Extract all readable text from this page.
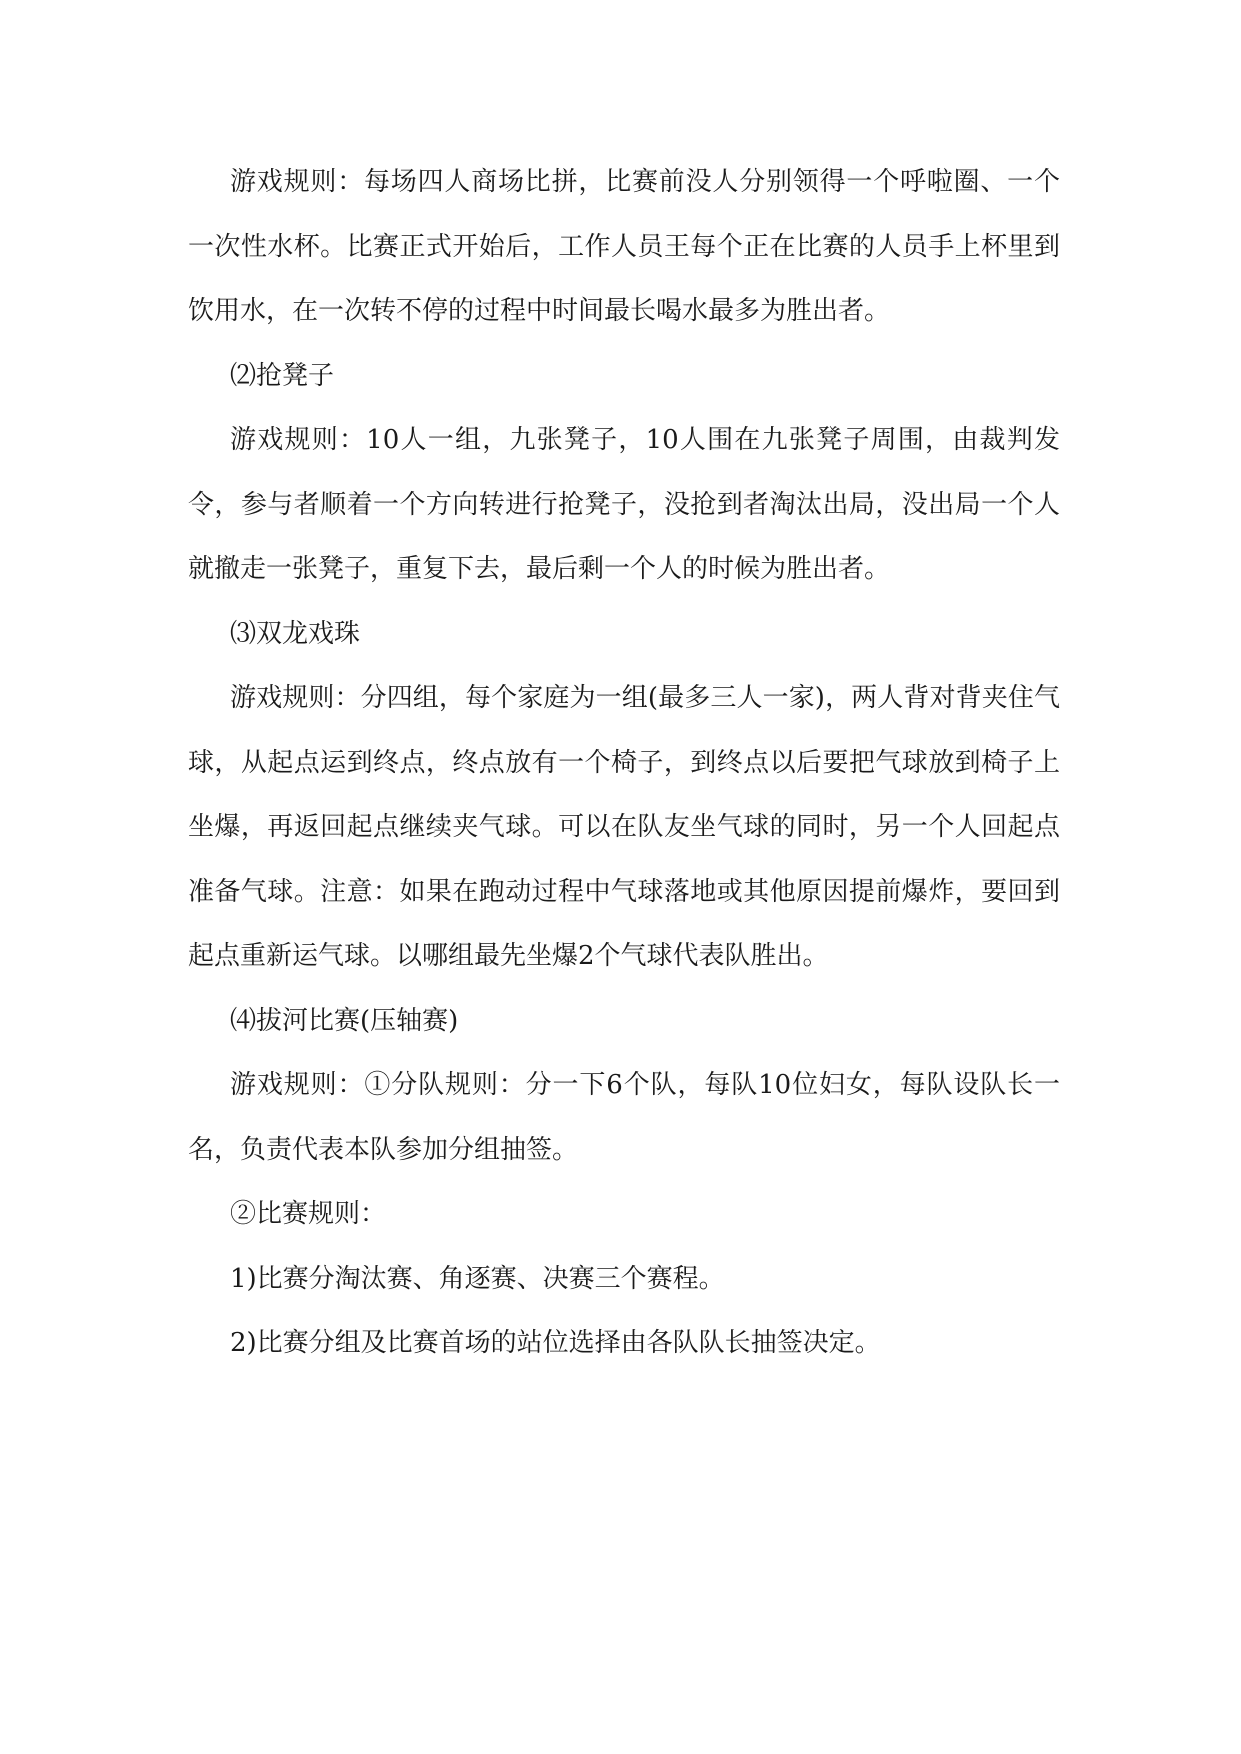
游戏规则：每场四人商场比拼，比赛前没人分别领得一个呼啦圈、一个一次性水杯。比赛正式开始后，工作人员王每个正在比赛的人员手上杯里到饮用水，在一次转不停的过程中时间最长喝水最多为胜出者。

⑵抢凳子

游戏规则：10人一组，九张凳子，10人围在九张凳子周围，由裁判发令，参与者顺着一个方向转进行抢凳子，没抢到者淘汰出局，没出局一个人就撤走一张凳子，重复下去，最后剩一个人的时候为胜出者。

⑶双龙戏珠

游戏规则：分四组，每个家庭为一组(最多三人一家)，两人背对背夹住气球，从起点运到终点，终点放有一个椅子，到终点以后要把气球放到椅子上坐爆，再返回起点继续夹气球。可以在队友坐气球的同时，另一个人回起点准备气球。注意：如果在跑动过程中气球落地或其他原因提前爆炸，要回到起点重新运气球。以哪组最先坐爆2个气球代表队胜出。

⑷拔河比赛(压轴赛)

游戏规则：①分队规则：分一下6个队，每队10位妇女，每队设队长一名，负责代表本队参加分组抽签。

②比赛规则：

1)比赛分淘汰赛、角逐赛、决赛三个赛程。

2)比赛分组及比赛首场的站位选择由各队队长抽签决定。
